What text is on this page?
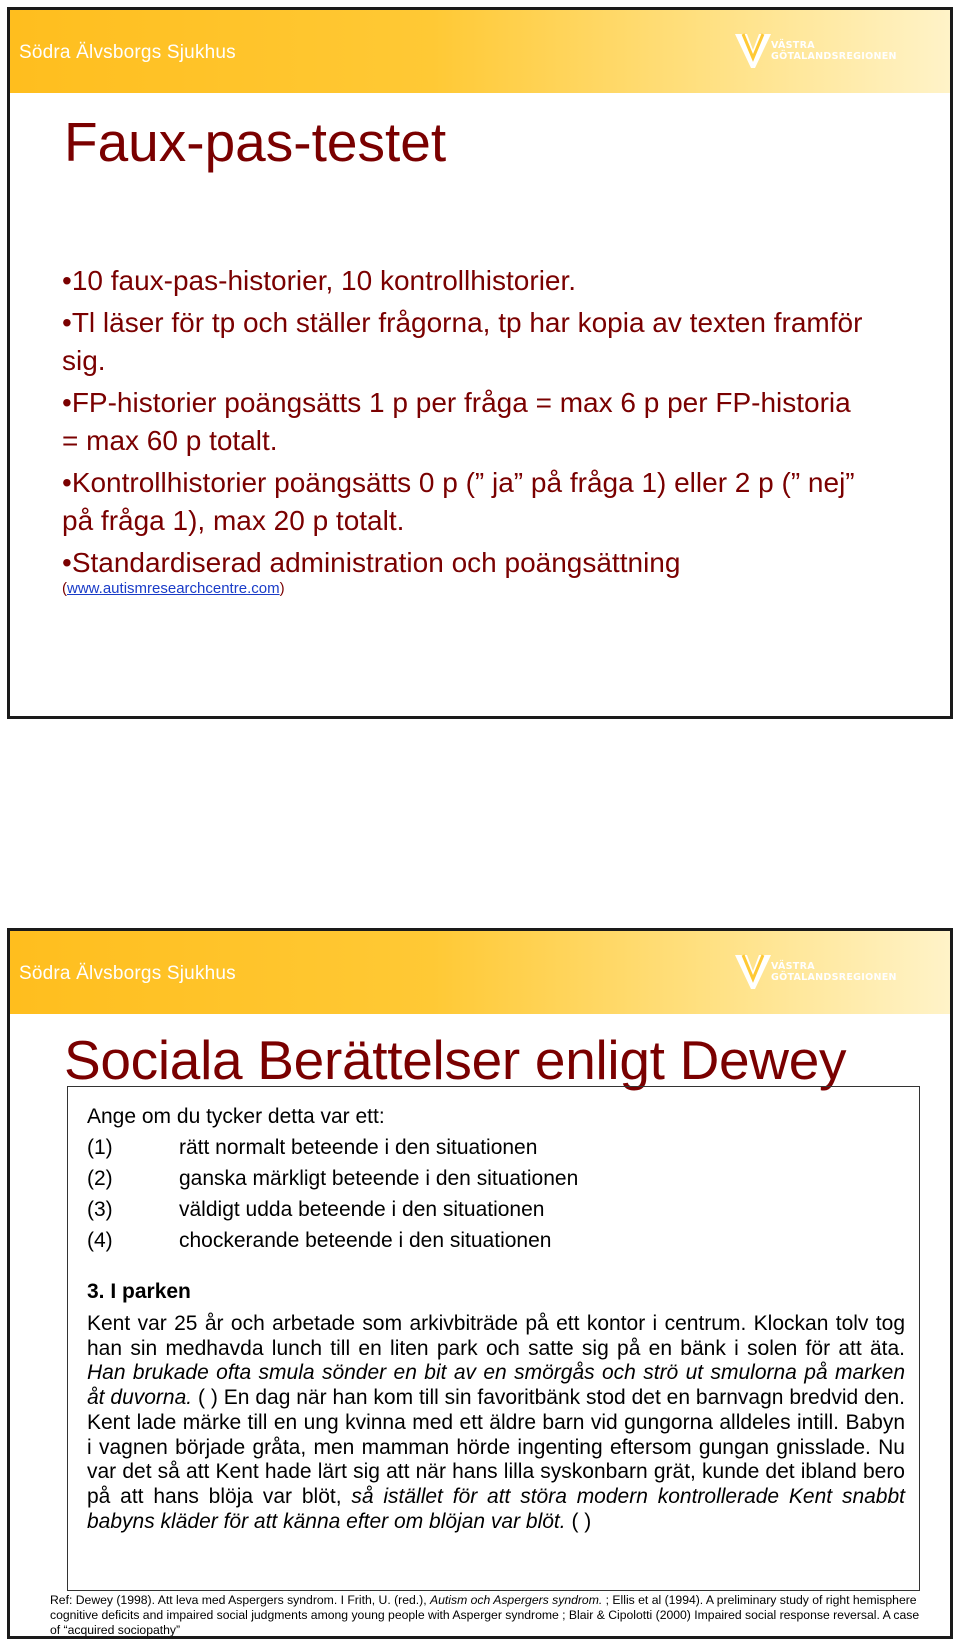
Södra Älvsborgs Sjukhus	VÄSTRA
GÖTALANDSREGIONEN
Faux-pas-testet
• 10 faux-pas-historier, 10 kontrollhistorier.
• Tl läser för tp och ställer frågorna, tp har kopia av texten framför sig.
• FP-historier poängsätts 1 p per fråga = max 6 p per FP-historia = max 60 p totalt.
• Kontrollhistorier poängsätts 0 p (” ja” på fråga 1) eller 2 p (” nej” på fråga 1), max 20 p totalt.
• Standardiserad administration och poängsättning
(www.autismresearchcentre.com)
Södra Älvsborgs Sjukhus	VÄSTRA
GÖTALANDSREGIONEN
Sociala Berättelser enligt Dewey
Ange om du tycker detta var ett:
(1)	rätt normalt beteende i den situationen
(2)	ganska märkligt beteende i den situationen
(3)	väldigt udda beteende i den situationen
(4)	chockerande beteende i den situationen
3. I parken
Kent var 25 år och arbetade som arkivbiträde på ett kontor i centrum. Klockan tolv tog han sin medhavda lunch till en liten park och satte sig på en bänk i solen för att äta. Han brukade ofta smula sönder en bit av en smörgås och strö ut smulorna på marken åt duvorna. ( ) En dag när han kom till sin favoritbänk stod det en barnvagn bredvid den. Kent lade märke till en ung kvinna med ett äldre barn vid gungorna alldeles intill. Babyn i vagnen började gråta, men mamman hörde ingenting eftersom gungan gnisslade. Nu var det så att Kent hade lärt sig att när hans lilla syskonbarn grät, kunde det ibland bero på att hans blöja var blöt, så istället för att störa modern kontrollerade Kent snabbt babyns kläder för att känna efter om blöjan var blöt. ( )
Ref: Dewey (1998). Att leva med Aspergers syndrom. I Frith, U. (red.), Autism och Aspergers syndrom. ; Ellis et al (1994). A preliminary study of right hemisphere cognitive deficits and impaired social judgments among young people with Asperger syndrome ; Blair & Cipolotti (2000) Impaired social response reversal. A case of “acquired sociopathy”
